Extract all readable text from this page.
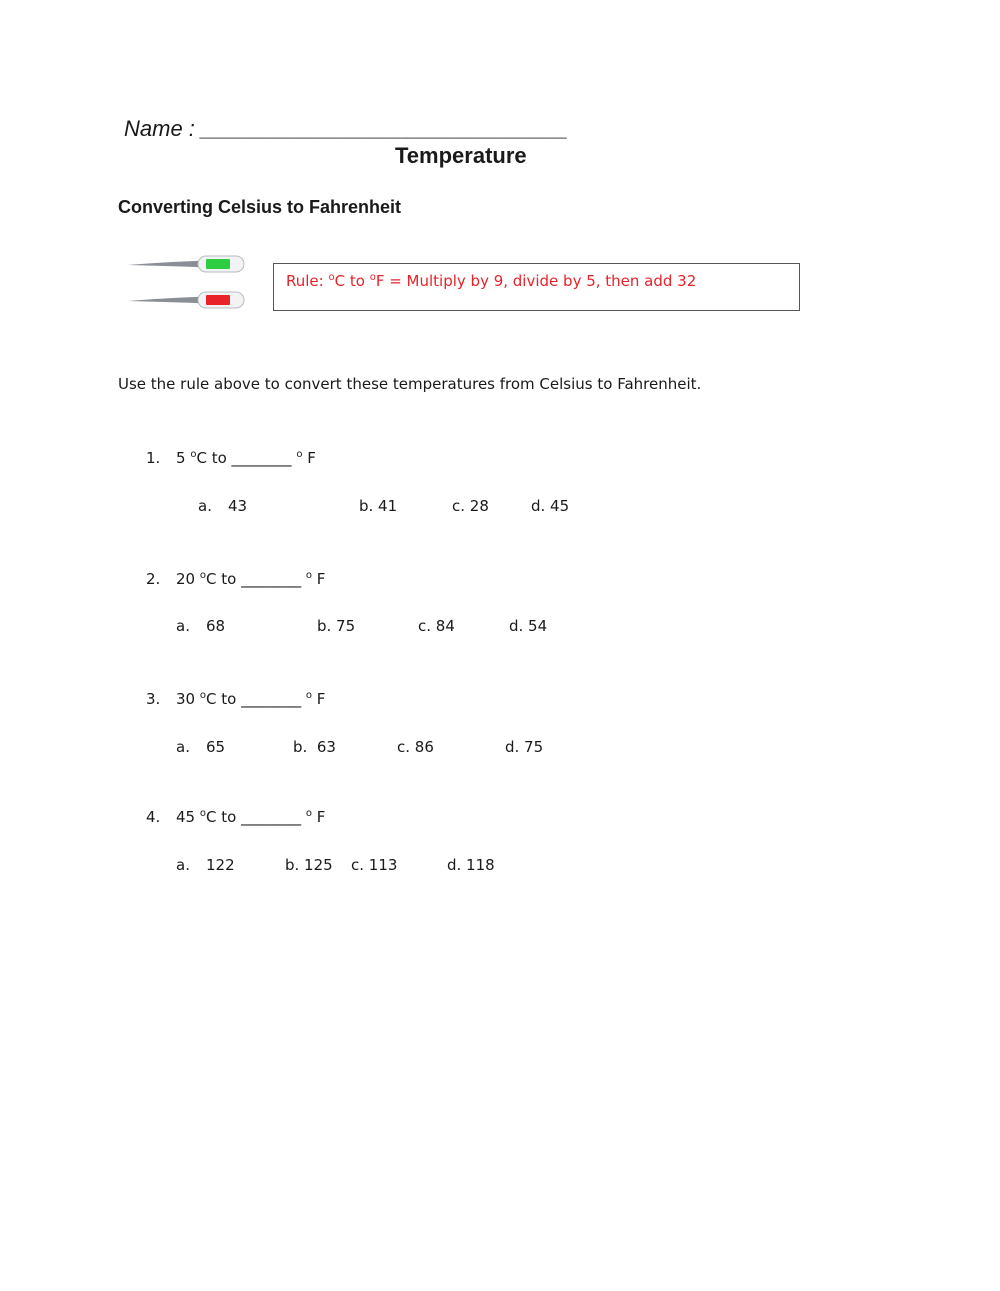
Name : ______________________________
Temperature
Converting Celsius to Fahrenheit
Rule: $^o$C to $^o$F = Multiply by 9, divide by 5, then add 32
Use the rule above to convert these temperatures from Celsius to Fahrenheit.
1. 5 $^o$C to ________ $^o$ F
a. 43	b. 41	c. 28	d. 45
2. 20 $^o$C to ________ $^o$ F
a. 68	b. 75	c. 84	d. 54
3. 30 $^o$C to ________ $^o$ F
a. 65	b.  63	c. 86	d. 75
4. 45 $^o$C to ________ $^o$ F
a. 122	b. 125 c. 113	d. 118
